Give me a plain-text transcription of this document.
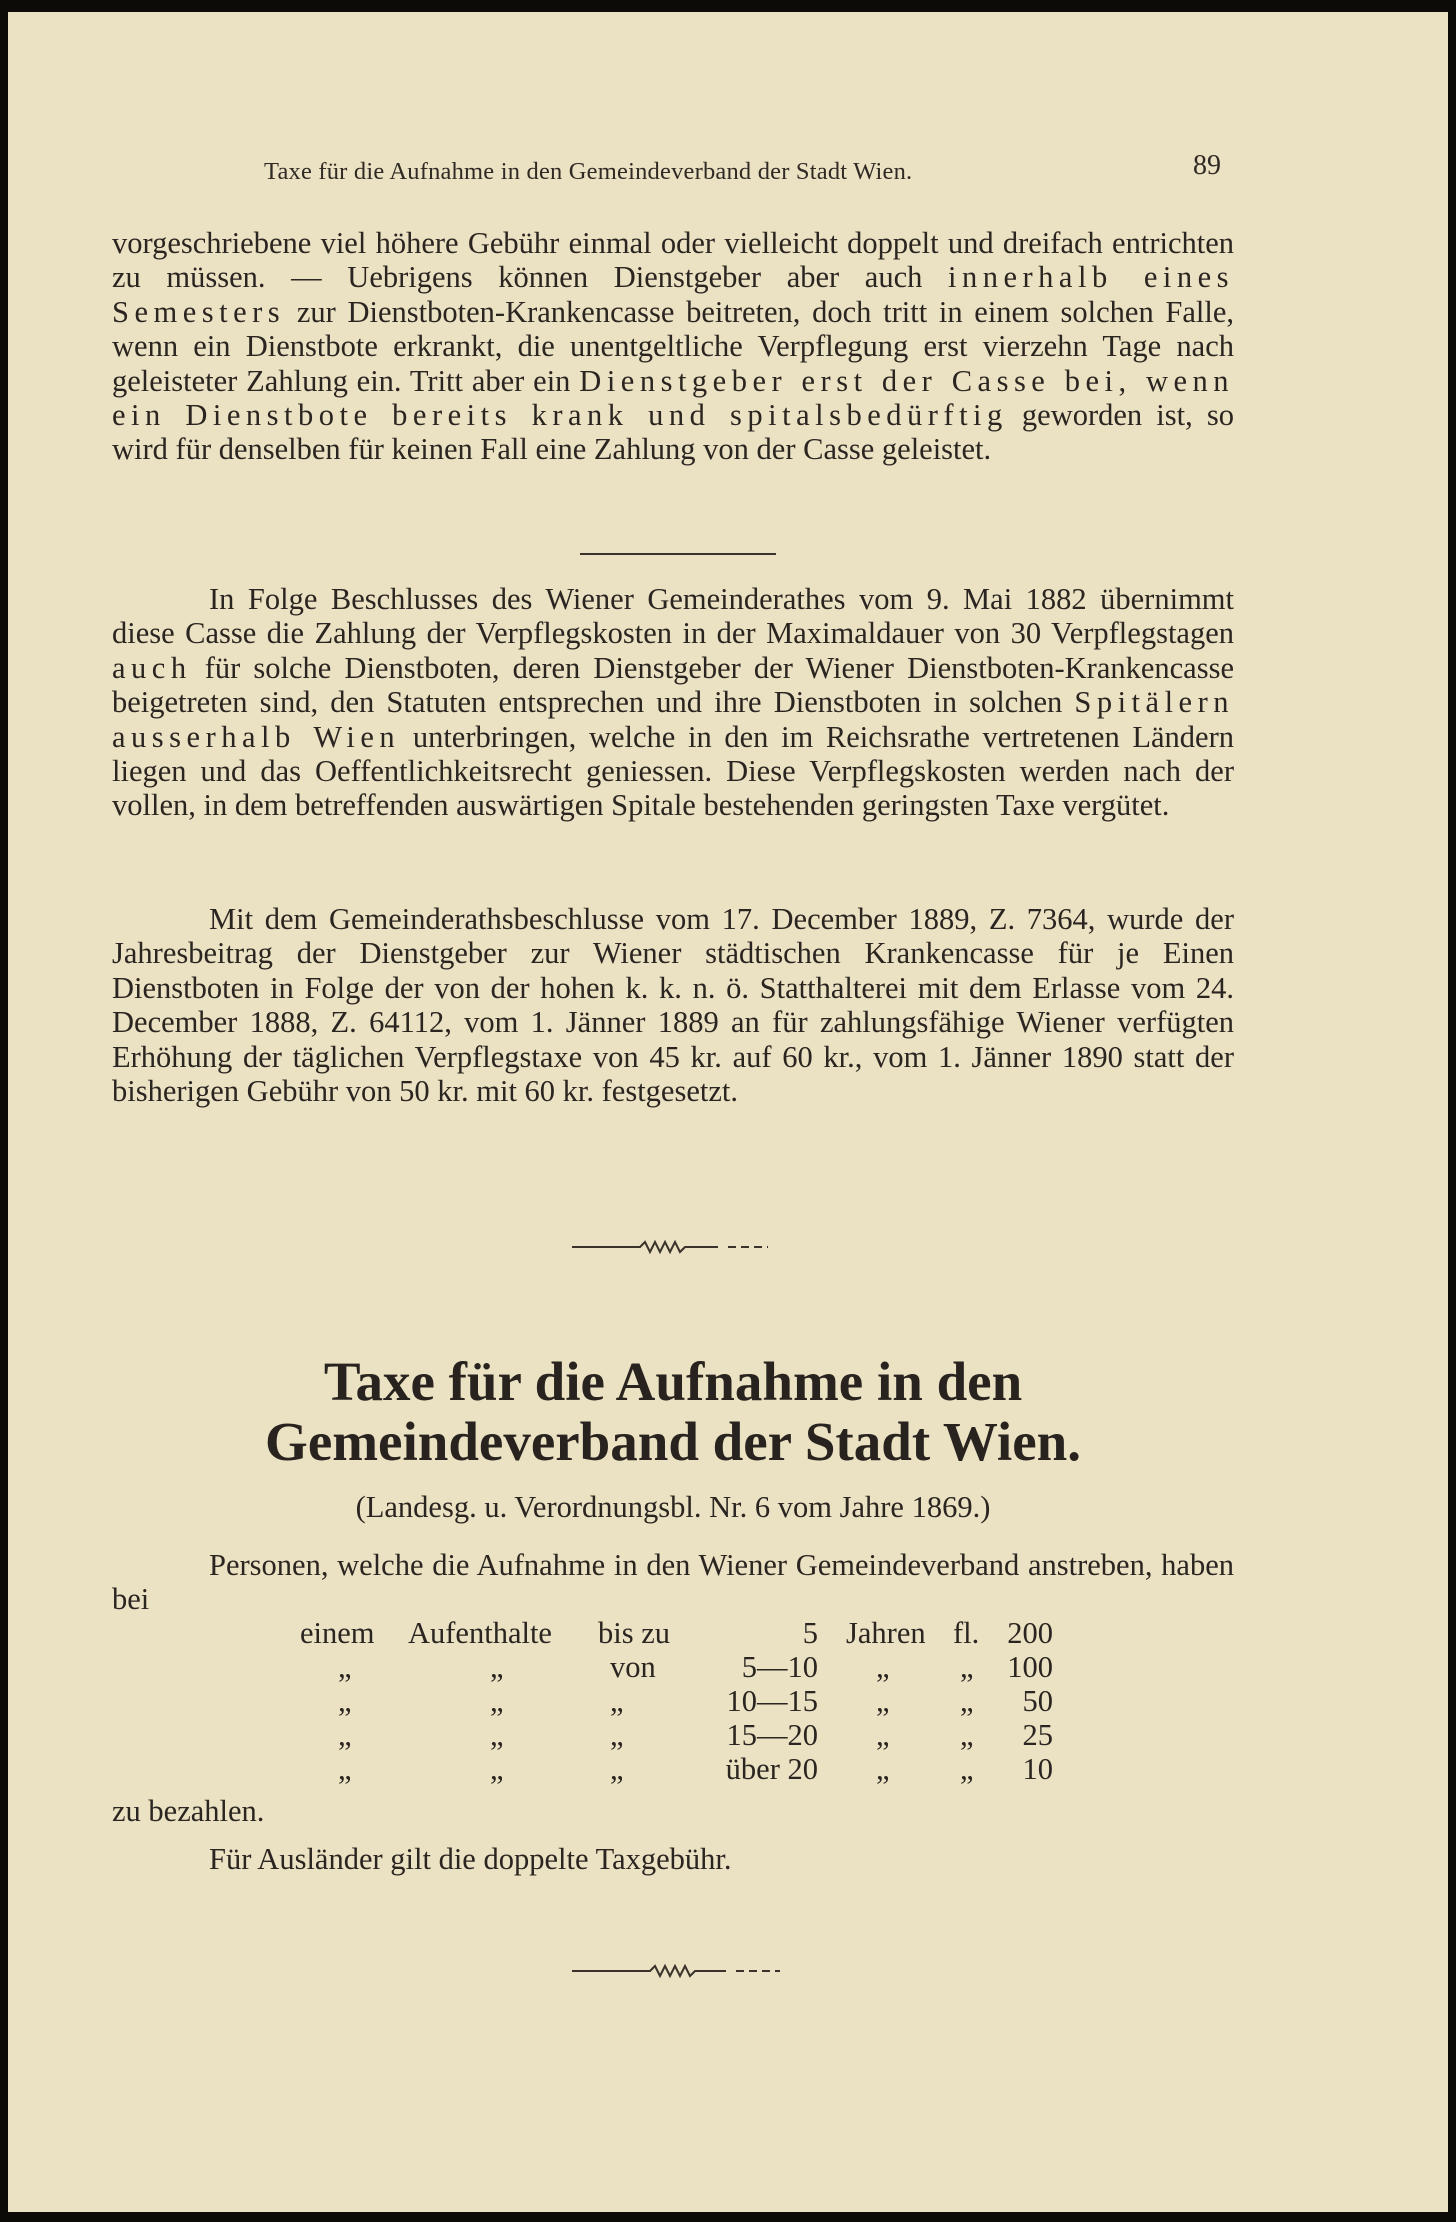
Taxe für die Aufnahme in den Gemeindeverband der Stadt Wien.	89
vorgeschriebene viel höhere Gebühr einmal oder vielleicht doppelt und dreifach entrichten zu müssen. — Uebrigens können Dienstgeber aber auch innerhalb eines Semesters zur Dienstboten-Krankencasse beitreten, doch tritt in einem solchen Falle, wenn ein Dienstbote erkrankt, die unentgeltliche Verpflegung erst vierzehn Tage nach geleisteter Zahlung ein. Tritt aber ein Dienstgeber erst der Casse bei, wenn ein Dienstbote bereits krank und spitalsbedürftig geworden ist, so wird für denselben für keinen Fall eine Zahlung von der Casse geleistet.
In Folge Beschlusses des Wiener Gemeinderathes vom 9. Mai 1882 übernimmt diese Casse die Zahlung der Verpflegskosten in der Maximaldauer von 30 Verpflegstagen auch für solche Dienstboten, deren Dienstgeber der Wiener Dienstboten-Krankencasse beigetreten sind, den Statuten entsprechen und ihre Dienstboten in solchen Spitälern ausserhalb Wien unterbringen, welche in den im Reichsrathe vertretenen Ländern liegen und das Oeffentlichkeitsrecht geniessen. Diese Verpflegskosten werden nach der vollen, in dem betreffenden auswärtigen Spitale bestehenden geringsten Taxe vergütet.
Mit dem Gemeinderathsbeschlusse vom 17. December 1889, Z. 7364, wurde der Jahresbeitrag der Dienstgeber zur Wiener städtischen Krankencasse für je Einen Dienstboten in Folge der von der hohen k. k. n. ö. Statthalterei mit dem Erlasse vom 24. December 1888, Z. 64112, vom 1. Jänner 1889 an für zahlungsfähige Wiener verfügten Erhöhung der täglichen Verpflegstaxe von 45 kr. auf 60 kr., vom 1. Jänner 1890 statt der bisherigen Gebühr von 50 kr. mit 60 kr. festgesetzt.
Taxe für die Aufnahme in den Gemeindeverband der Stadt Wien.
(Landesg. u. Verordnungsbl. Nr. 6 vom Jahre 1869.)
Personen, welche die Aufnahme in den Wiener Gemeindeverband anstreben, haben bei
einem Aufenthalte bis zu	5 Jahren fl. 200
„	„	von	5—10 „ „	100
„	„	„	10—15 „ „	50
„	„	„	15—20 „ „	25
„	„	„	über 20 „ „	10
zu bezahlen.
Für Ausländer gilt die doppelte Taxgebühr.
